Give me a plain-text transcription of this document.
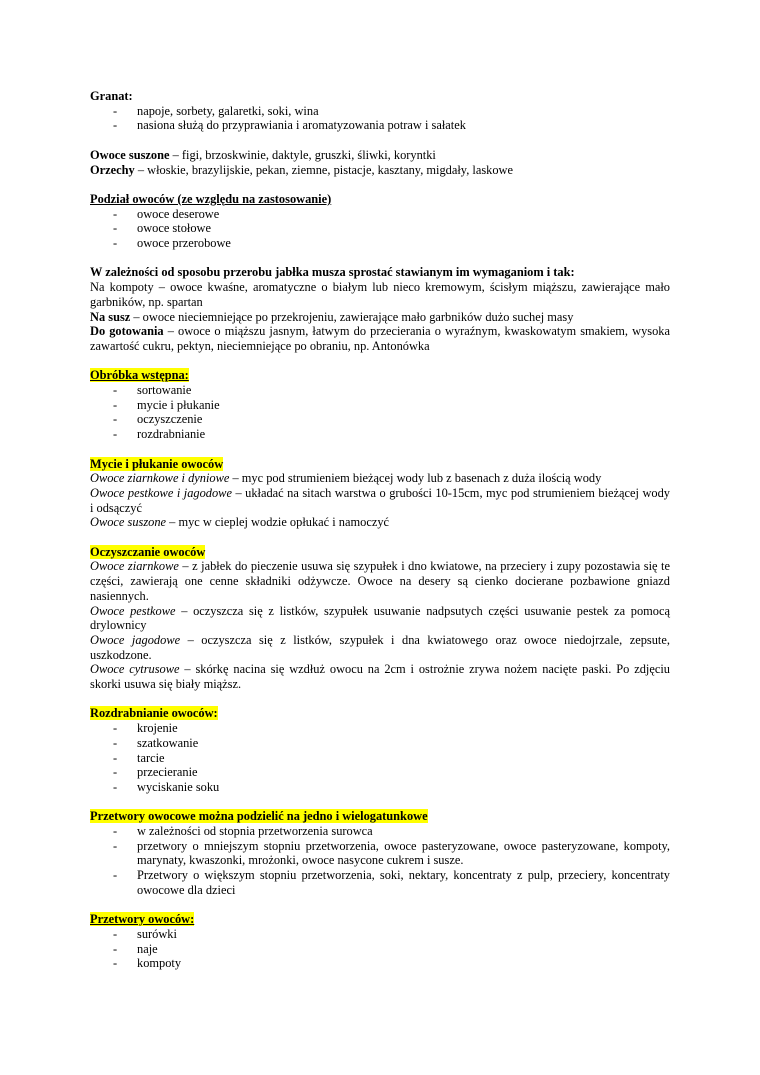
Granat:

- napoje, sorbety, galaretki, soki, wina
- nasiona służą do przyprawiania i aromatyzowania potraw i sałatek

Owoce suszone – figi, brzoskwinie, daktyle, gruszki, śliwki, koryntki

Orzechy – włoskie, brazylijskie, pekan, ziemne, pistacje, kasztany, migdały, laskowe

Podział owoców (ze względu na zastosowanie)

- owoce deserowe
- owoce stołowe
- owoce przerobowe

W zależności od sposobu przerobu jabłka musza sprostać stawianym im wymaganiom i tak:

Na kompoty – owoce kwaśne, aromatyczne o białym lub nieco kremowym, ścisłym miąższu, zawierające mało garbników, np. spartan

Na susz – owoce nieciemniejące po przekrojeniu, zawierające mało garbników dużo suchej masy

Do gotowania – owoce o miąższu jasnym, łatwym do przecierania o wyraźnym, kwaskowatym smakiem, wysoka zawartość cukru, pektyn, nieciemniejące po obraniu, np. Antonówka

Obróbka wstępna:

- sortowanie
- mycie i płukanie
- oczyszczenie
- rozdrabnianie

Mycie i płukanie owoców

Owoce ziarnkowe i dyniowe – myc pod strumieniem bieżącej wody lub z basenach z duża ilością wody

Owoce pestkowe i jagodowe – układać na sitach warstwa o grubości 10-15cm, myc pod strumieniem bieżącej wody i odsączyć

Owoce suszone – myc w cieplej wodzie opłukać i namoczyć

Oczyszczanie owoców

Owoce ziarnkowe – z jabłek do pieczenie usuwa się szypułek i dno kwiatowe, na przeciery i zupy pozostawia się te części, zawierają one cenne składniki odżywcze. Owoce na desery są cienko docierane pozbawione gniazd nasiennych.

Owoce pestkowe – oczyszcza się z listków, szypułek usuwanie nadpsutych części usuwanie pestek za pomocą drylownicy

Owoce jagodowe – oczyszcza się z listków, szypułek i dna kwiatowego oraz owoce niedojrzale, zepsute, uszkodzone.

Owoce cytrusowe – skórkę nacina się wzdłuż owocu na 2cm i ostrożnie zrywa nożem nacięte paski. Po zdjęciu skorki usuwa się biały miąższ.

Rozdrabnianie owoców:

- krojenie
- szatkowanie
- tarcie
- przecieranie
- wyciskanie soku

Przetwory owocowe można podzielić na jedno i wielogatunkowe

- w zależności od stopnia przetworzenia surowca
- przetwory o mniejszym stopniu przetworzenia, owoce pasteryzowane, owoce pasteryzowane, kompoty, marynaty, kwaszonki, mrożonki, owoce nasycone cukrem i susze.
- Przetwory o większym stopniu przetworzenia, soki, nektary, koncentraty z pulp, przeciery, koncentraty owocowe dla dzieci

Przetwory owoców:

- surówki
- naje
- kompoty
